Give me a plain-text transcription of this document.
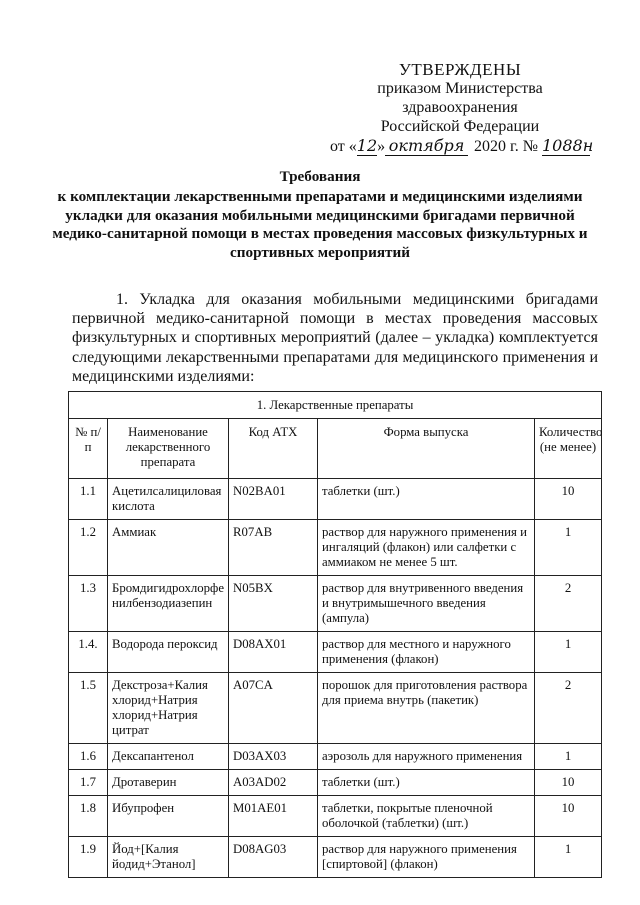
УТВЕРЖДЕНЫ
приказом Министерства здравоохранения
Российской Федерации
от « 12 » октября 2020 г. № 1088н
Требования
к комплектации лекарственными препаратами и медицинскими изделиями укладки для оказания мобильными медицинскими бригадами первичной медико-санитарной помощи в местах проведения массовых физкультурных и спортивных мероприятий
1. Укладка для оказания мобильными медицинскими бригадами первичной медико-санитарной помощи в местах проведения массовых физкультурных и спортивных мероприятий (далее – укладка) комплектуется следующими лекарственными препаратами для медицинского применения и медицинскими изделиями:
1. Лекарственные препараты				
№ п/п	Наименование лекарственного препарата	Код АТХ	Форма выпуска	Количество (не менее)
1.1	Ацетилсалициловая кислота	N02BA01	таблетки (шт.)	10
1.2	Аммиак	R07AB	раствор для наружного применения и ингаляций (флакон) или салфетки с аммиаком не менее 5 шт.	1
1.3	Бромдигидрохлорфенилбензодиазепин	N05BX	раствор для внутривенного введения и внутримышечного введения (ампула)	2
1.4.	Водорода пероксид	D08AX01	раствор для местного и наружного применения (флакон)	1
1.5	Декстроза+Калия хлорид+Натрия хлорид+Натрия цитрат	A07CA	порошок для приготовления раствора для приема внутрь (пакетик)	2
1.6	Дексапантенол	D03AX03	аэрозоль для наружного применения	1
1.7	Дротаверин	A03AD02	таблетки (шт.)	10
1.8	Ибупрофен	M01AE01	таблетки, покрытые пленочной оболочкой (таблетки) (шт.)	10
1.9	Йод+[Калия йодид+Этанол]	D08AG03	раствор для наружного применения [спиртовой] (флакон)	1
